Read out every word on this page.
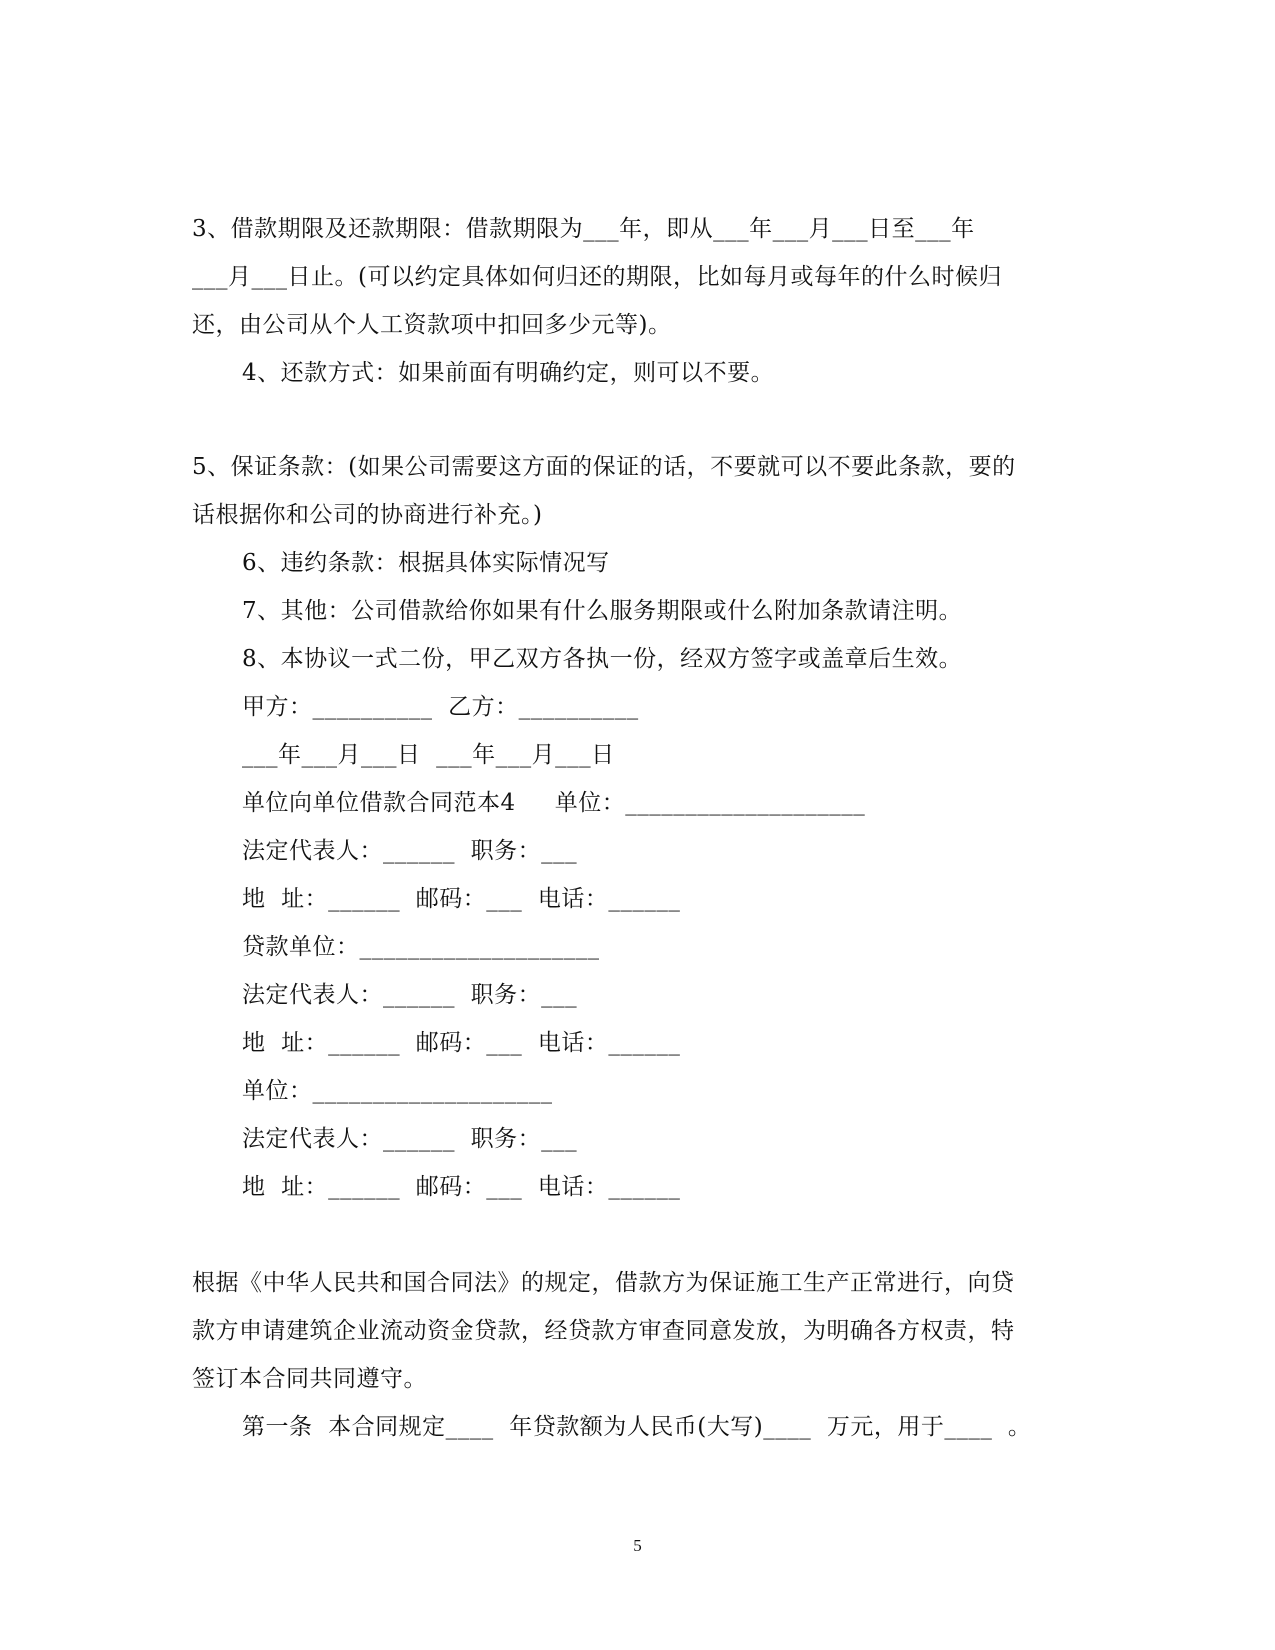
3、借款期限及还款期限：借款期限为___年，即从___年___月___日至___年

___月___日止。(可以约定具体如何归还的期限，比如每月或每年的什么时候归

还，由公司从个人工资款项中扣回多少元等)。

4、还款方式：如果前面有明确约定，则可以不要。

5、保证条款：(如果公司需要这方面的保证的话，不要就可以不要此条款，要的

话根据你和公司的协商进行补充。)

6、违约条款：根据具体实际情况写

7、其他：公司借款给你如果有什么服务期限或什么附加条款请注明。

8、本协议一式二份，甲乙双方各执一份，经双方签字或盖章后生效。

甲方：__________  乙方：__________

___年___月___日  ___年___月___日

单位向单位借款合同范本4     单位：____________________

法定代表人：______  职务：___

地  址：______  邮码：___  电话：______

贷款单位：____________________

法定代表人：______  职务：___

地  址：______  邮码：___  电话：______

单位：____________________

法定代表人：______  职务：___

地  址：______  邮码：___  电话：______

根据《中华人民共和国合同法》的规定，借款方为保证施工生产正常进行，向贷

款方申请建筑企业流动资金贷款，经贷款方审查同意发放，为明确各方权责，特

签订本合同共同遵守。

第一条  本合同规定____  年贷款额为人民币(大写)____  万元，用于____  。

5
